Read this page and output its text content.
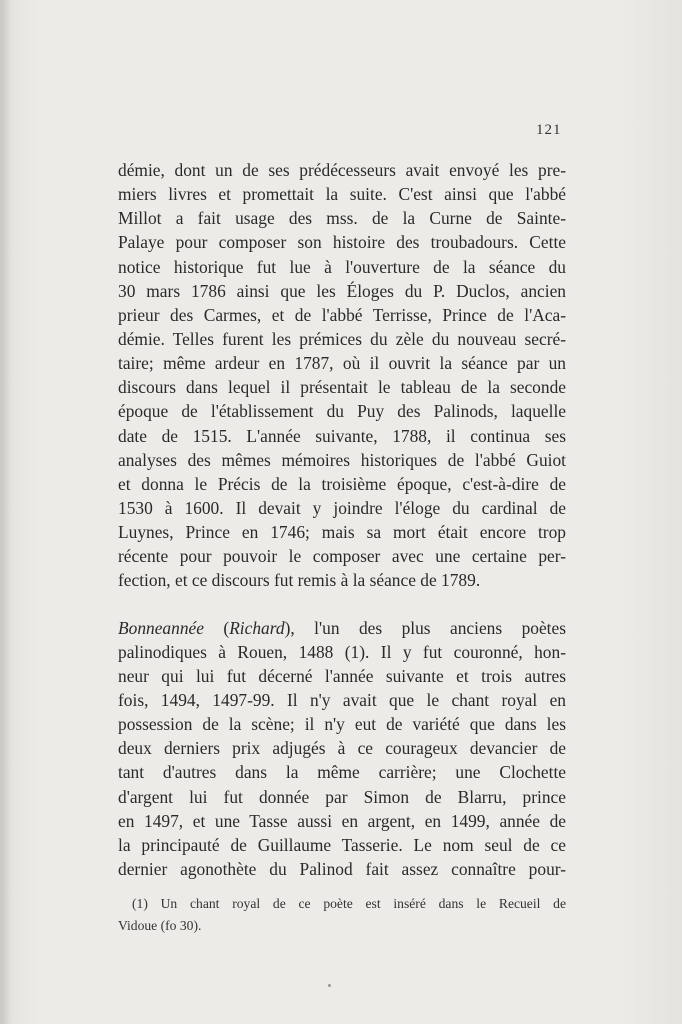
121
démie, dont un de ses prédécesseurs avait envoyé les pre-
miers livres et promettait la suite. C'est ainsi que l'abbé
Millot a fait usage des mss. de la Curne de Sainte-
Palaye pour composer son histoire des troubadours. Cette
notice historique fut lue à l'ouverture de la séance du
30 mars 1786 ainsi que les Éloges du P. Duclos, ancien
prieur des Carmes, et de l'abbé Terrisse, Prince de l'Aca-
démie. Telles furent les prémices du zèle du nouveau secré-
taire; même ardeur en 1787, où il ouvrit la séance par un
discours dans lequel il présentait le tableau de la seconde
époque de l'établissement du Puy des Palinods, laquelle
date de 1515. L'année suivante, 1788, il continua ses
analyses des mêmes mémoires historiques de l'abbé Guiot
et donna le Précis de la troisième époque, c'est-à-dire de
1530 à 1600. Il devait y joindre l'éloge du cardinal de
Luynes, Prince en 1746; mais sa mort était encore trop
récente pour pouvoir le composer avec une certaine per-
fection, et ce discours fut remis à la séance de 1789.
Bonneannée (Richard), l'un des plus anciens poètes
palinodiques à Rouen, 1488 (1). Il y fut couronné, hon-
neur qui lui fut décerné l'année suivante et trois autres
fois, 1494, 1497-99. Il n'y avait que le chant royal en
possession de la scène; il n'y eut de variété que dans les
deux derniers prix adjugés à ce courageux devancier de
tant d'autres dans la même carrière; une Clochette
d'argent lui fut donnée par Simon de Blarru, prince
en 1497, et une Tasse aussi en argent, en 1499, année de
la principauté de Guillaume Tasserie. Le nom seul de ce
dernier agonothète du Palinod fait assez connaître pour-
(1) Un chant royal de ce poète est inséré dans le Recueil de
Vidoue (fo 30).
